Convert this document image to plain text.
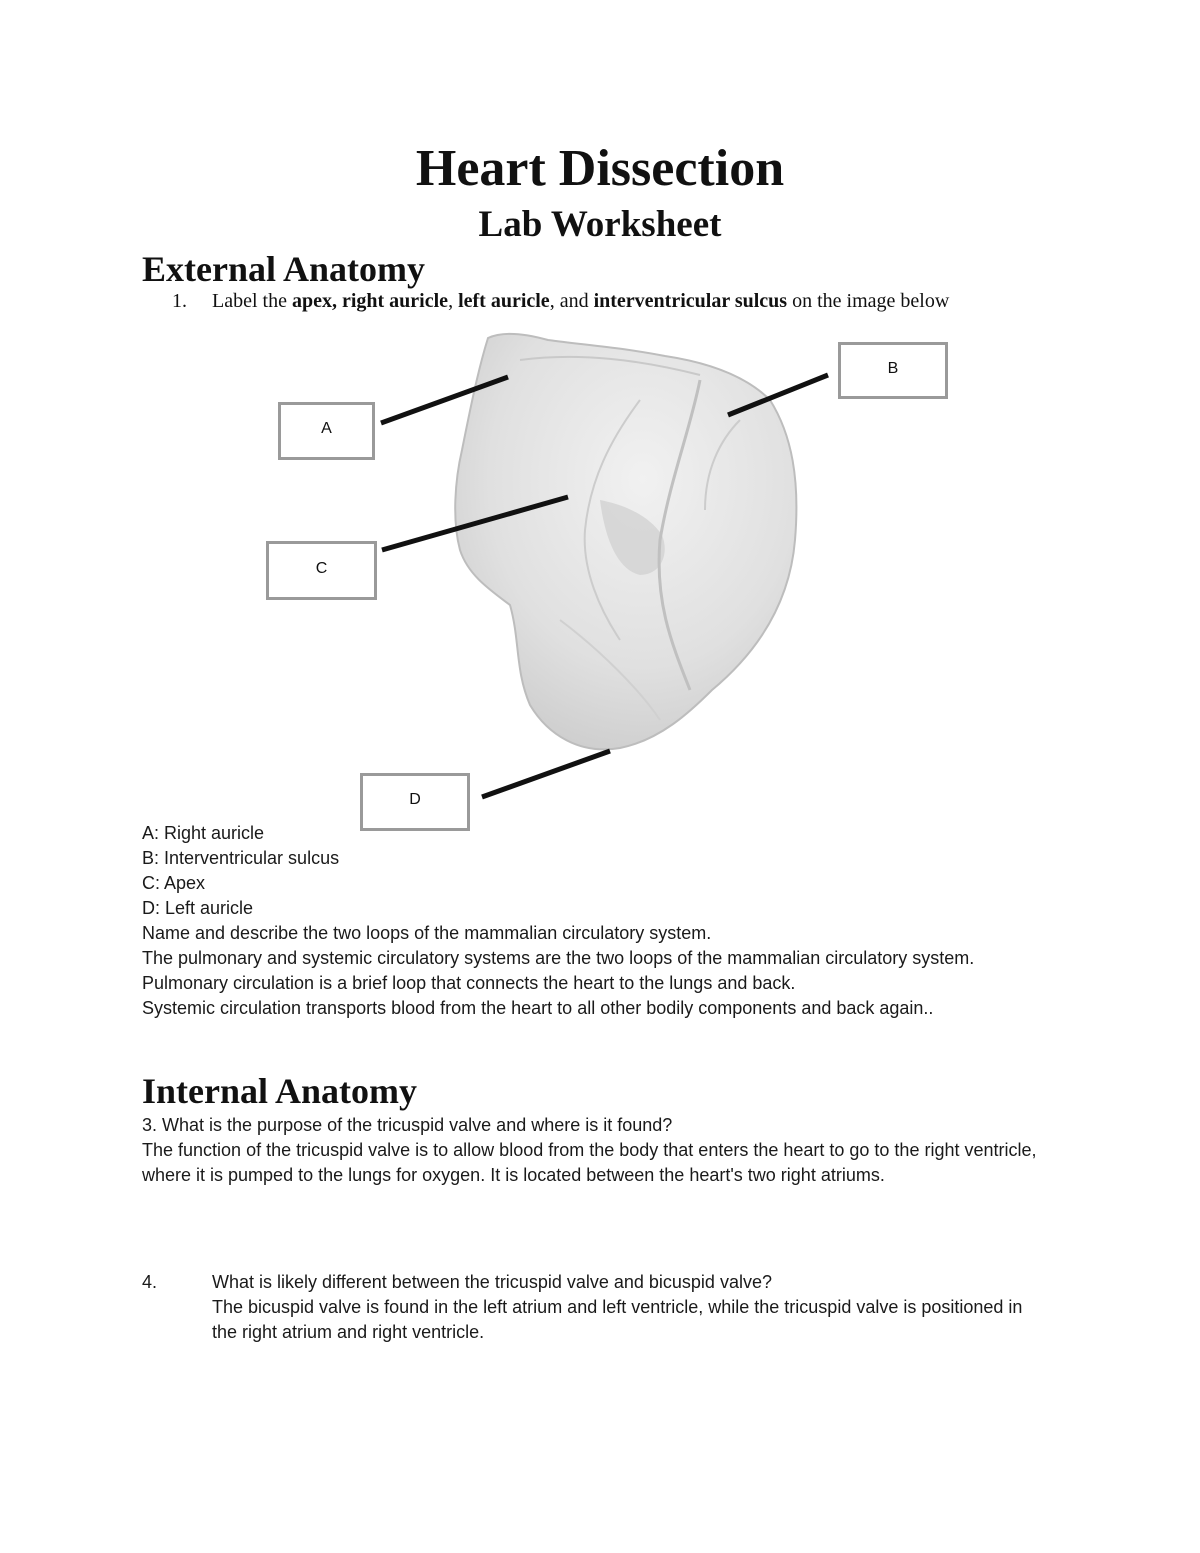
Heart Dissection
Lab Worksheet
External Anatomy
1. Label the apex, right auricle, left auricle, and interventricular sulcus on the image below
A
B
C
D
A: Right auricle
B: Interventricular sulcus
C: Apex
D: Left auricle
Name and describe the two loops of the mammalian circulatory system.
The pulmonary and systemic circulatory systems are the two loops of the mammalian circulatory system.
Pulmonary circulation is a brief loop that connects the heart to the lungs and back.
Systemic circulation transports blood from the heart to all other bodily components and back again..
Internal Anatomy
3. What is the purpose of the tricuspid valve and where is it found?
The function of the tricuspid valve is to allow blood from the body that enters the heart to go to the right ventricle, where it is pumped to the lungs for oxygen. It is located between the heart's two right atriums.
4.	What is likely different between the tricuspid valve and bicuspid valve?
The bicuspid valve is found in the left atrium and left ventricle, while the tricuspid valve is positioned in the right atrium and right ventricle.
